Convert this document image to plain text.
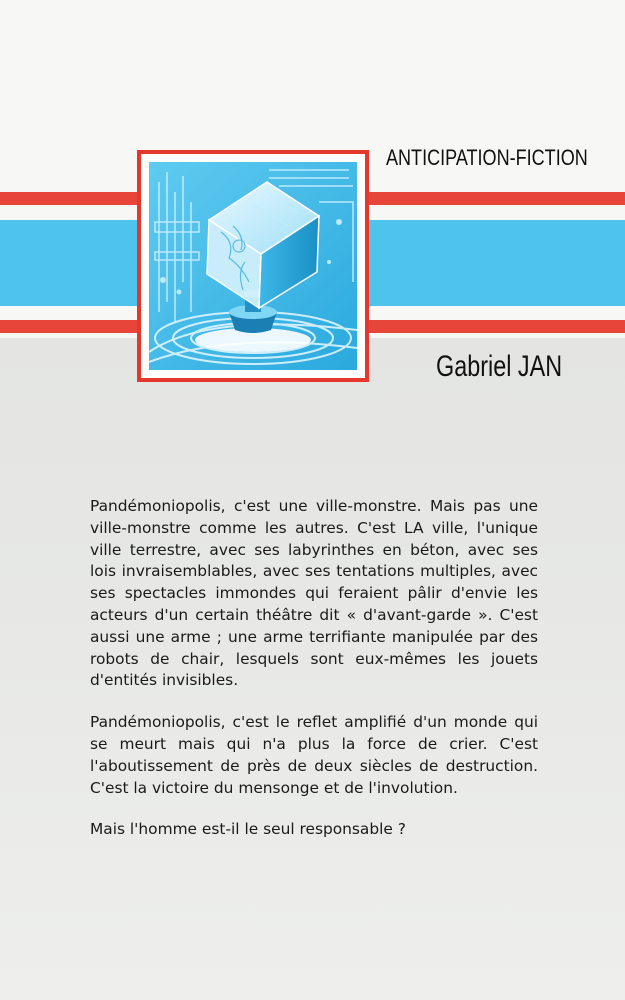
ANTICIPATION-FICTION
Gabriel JAN

Pandémoniopolis, c'est une ville-monstre. Mais pas une ville-monstre comme les autres. C'est LA ville, l'unique ville terrestre, avec ses labyrinthes en béton, avec ses lois invraisemblables, avec ses tentations multiples, avec ses spectacles immondes qui feraient pâlir d'envie les acteurs d'un certain théâtre dit « d'avant-garde ». C'est aussi une arme ; une arme terrifiante manipulée par des robots de chair, lesquels sont eux-mêmes les jouets d'entités invisibles.

Pandémoniopolis, c'est le reflet amplifié d'un monde qui se meurt mais qui n'a plus la force de crier. C'est l'aboutissement de près de deux siècles de destruction. C'est la victoire du mensonge et de l'involution.

Mais l'homme est-il le seul responsable ?
